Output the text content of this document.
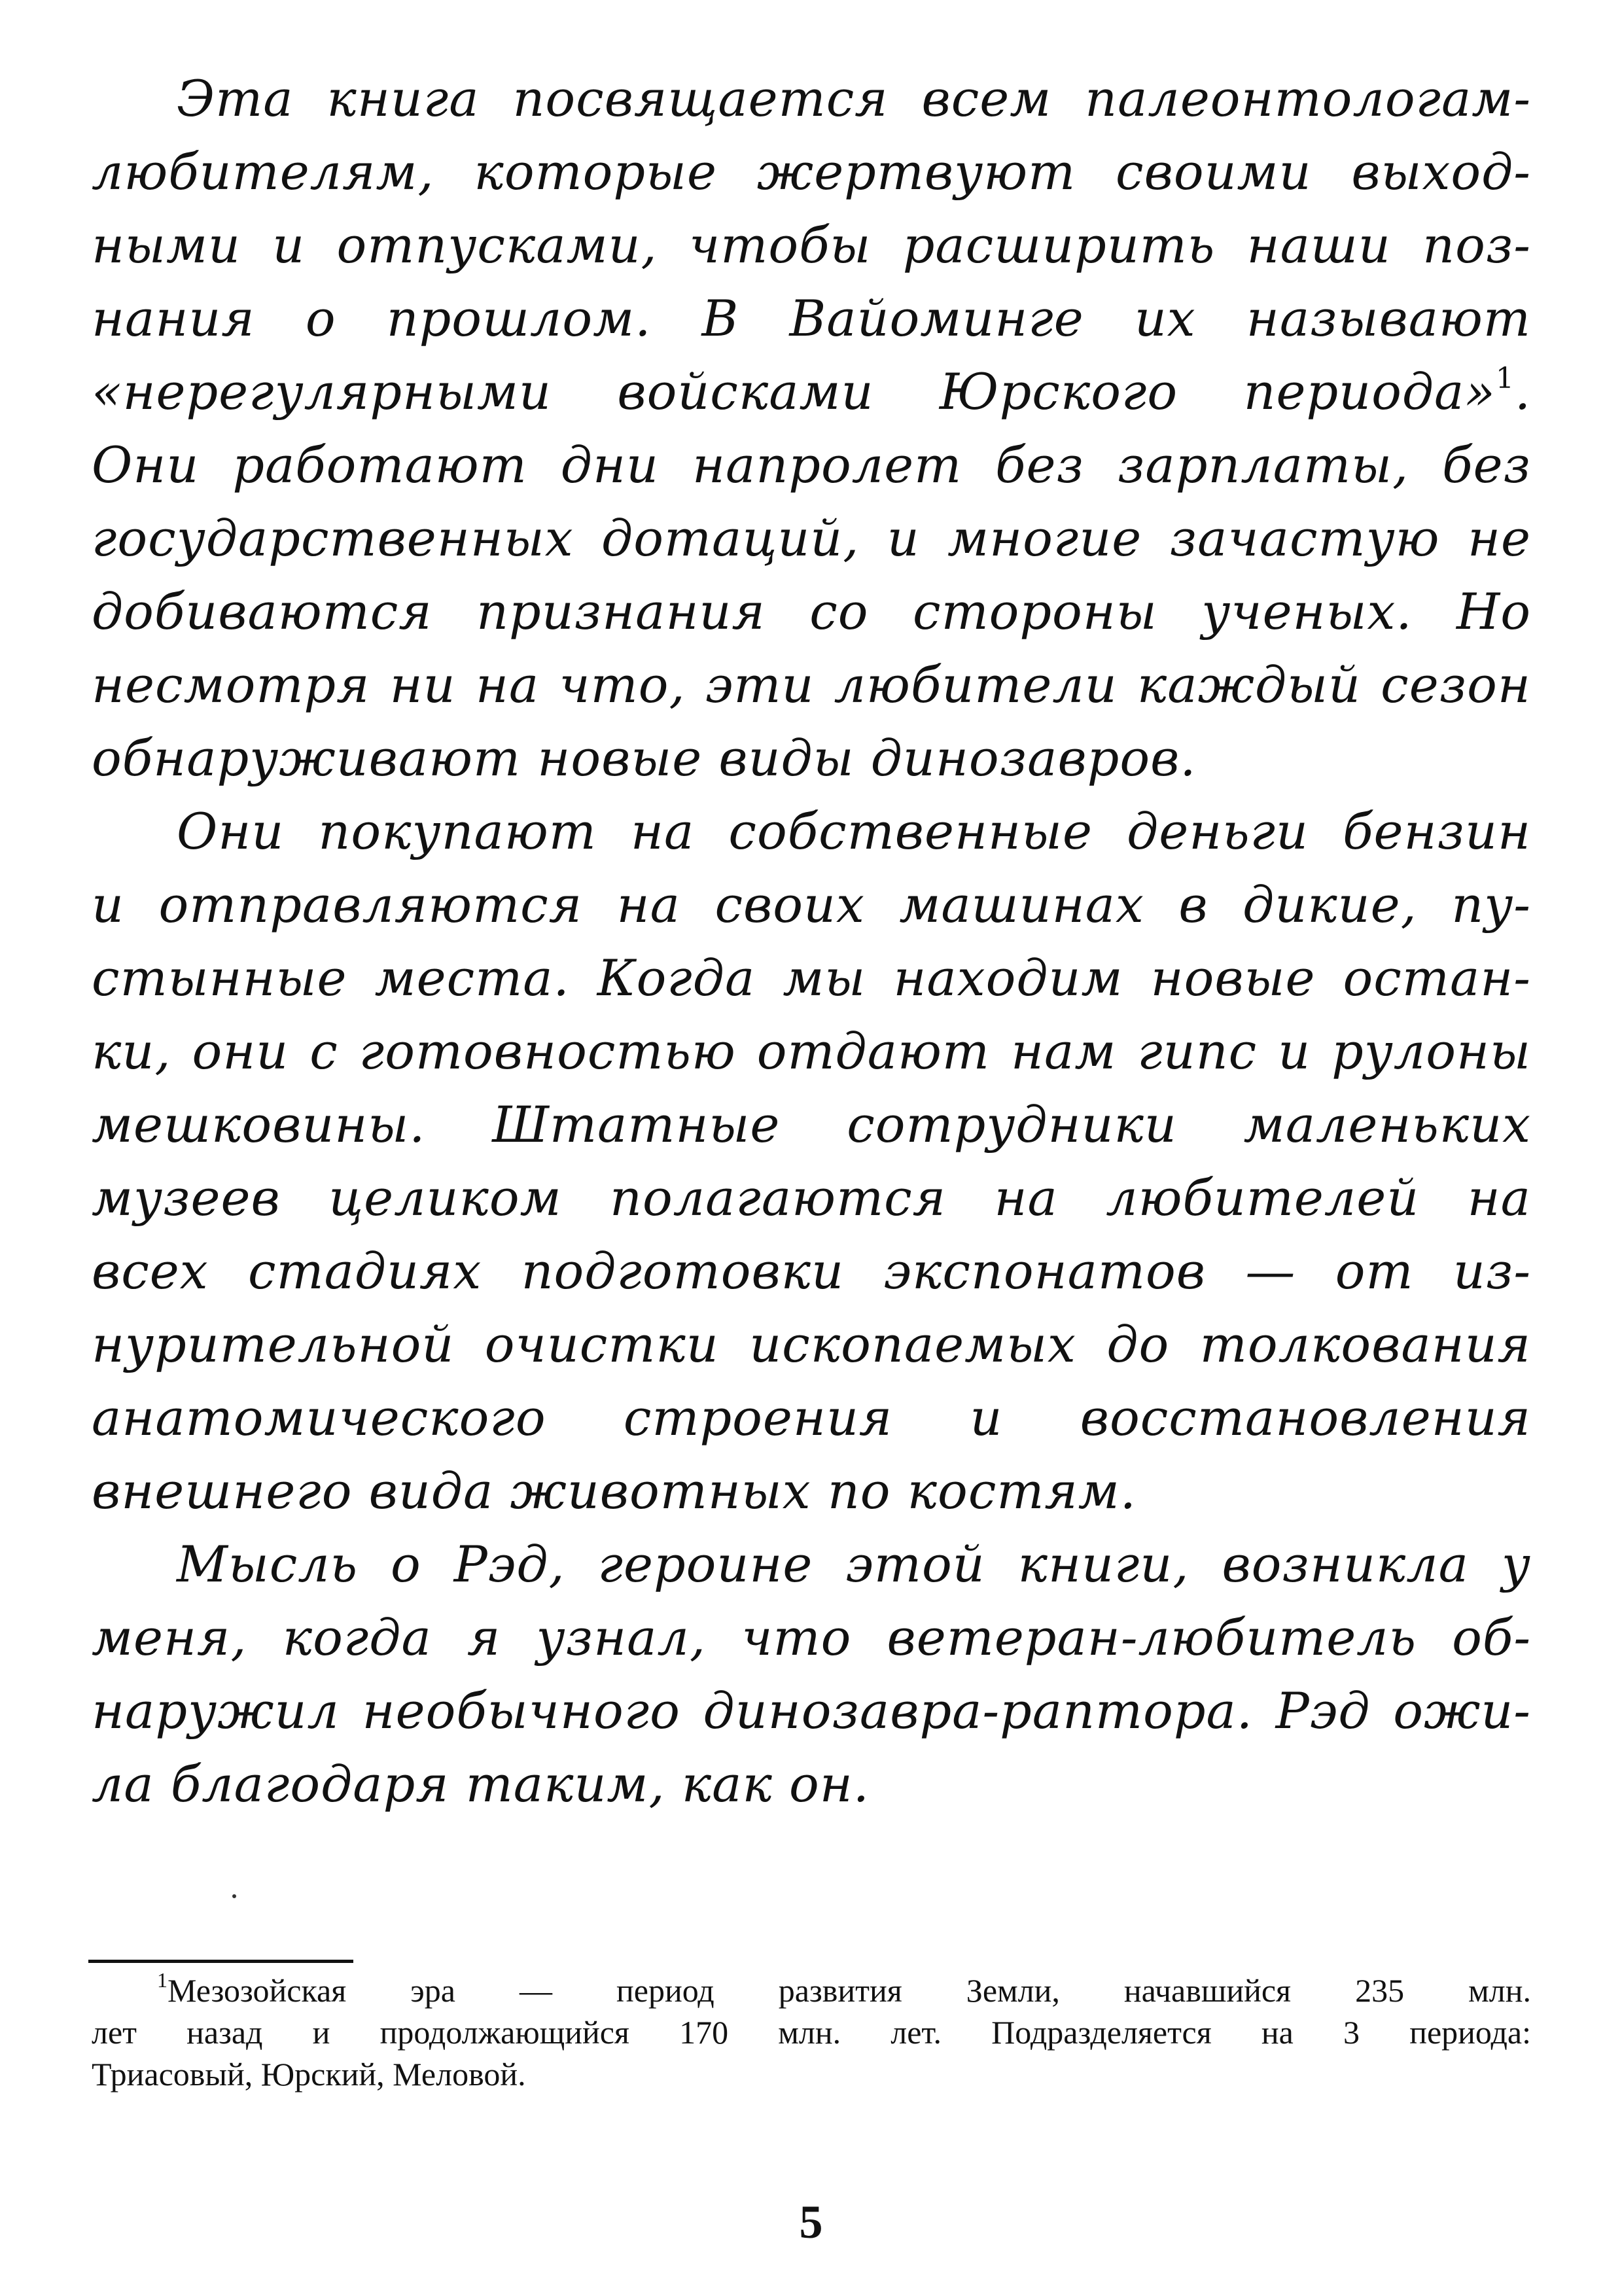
Эта книга посвящается всем палеонтологам-
любителям, которые жертвуют своими выход-
ными и отпусками, чтобы расширить наши поз-
нания о прошлом. В Вайоминге их называют
«нерегулярными войсками Юрского периода»$^1$.
Они работают дни напролет без зарплаты, без
государственных дотаций, и многие зачастую не
добиваются признания со стороны ученых. Но
несмотря ни на что, эти любители каждый сезон
обнаруживают новые виды динозавров.
Они покупают на собственные деньги бензин
и отправляются на своих машинах в дикие, пу-
стынные места. Когда мы находим новые остан-
ки, они с готовностью отдают нам гипс и рулоны
мешковины. Штатные сотрудники маленьких
музеев целиком полагаются на любителей на
всех стадиях подготовки экспонатов — от из-
нурительной очистки ископаемых до толкования
анатомического строения и восстановления
внешнего вида животных по костям.
Мысль о Рэд, героине этой книги, возникла у
меня, когда я узнал, что ветеран-любитель об-
наружил необычного динозавра-раптора. Рэд ожи-
ла благодаря таким, как он.
$^1$Мезозойская эра — период развития Земли, начавшийся 235 млн.
лет назад и продолжающийся 170 млн. лет. Подразделяется на 3 периода:
Триасовый, Юрский, Меловой.
5
